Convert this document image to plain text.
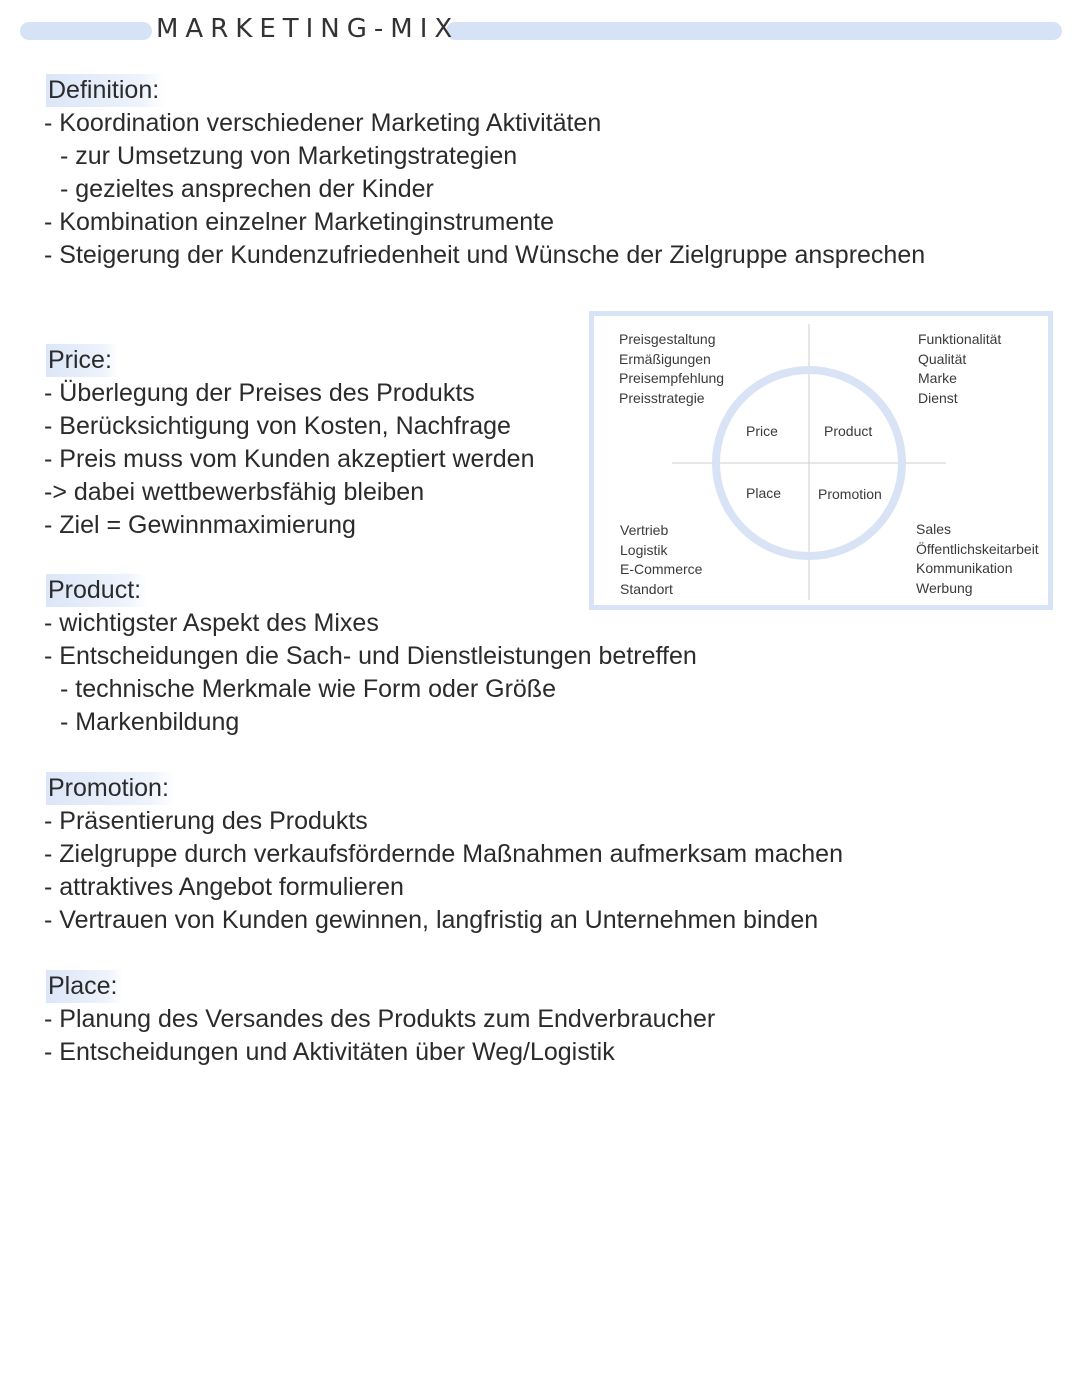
MARKETING-MIX
Definition:
- Koordination verschiedener Marketing Aktivitäten
- zur Umsetzung von Marketingstrategien
- gezieltes ansprechen der Kinder
- Kombination einzelner Marketinginstrumente
- Steigerung der Kundenzufriedenheit und Wünsche der Zielgruppe ansprechen
Price:
- Überlegung der Preises des Produkts
- Berücksichtigung von Kosten, Nachfrage
- Preis muss vom Kunden akzeptiert werden
-> dabei wettbewerbsfähig bleiben
- Ziel = Gewinnmaximierung
Preisgestaltung
Ermäßigungen
Preisempfehlung
Preisstrategie
Funktionalität
Qualität
Marke
Dienst
Vertrieb
Logistik
E-Commerce
Standort
Sales
Öffentlichskeitarbeit
Kommunikation
Werbung
Price	Product
Place	Promotion
Product:
- wichtigster Aspekt des Mixes
- Entscheidungen die Sach- und Dienstleistungen betreffen
- technische Merkmale wie Form oder Größe
- Markenbildung
Promotion:
- Präsentierung des Produkts
- Zielgruppe durch verkaufsfördernde Maßnahmen aufmerksam machen
- attraktives Angebot formulieren
- Vertrauen von Kunden gewinnen, langfristig an Unternehmen binden
Place:
- Planung des Versandes des Produkts zum Endverbraucher
- Entscheidungen und Aktivitäten über Weg/Logistik
